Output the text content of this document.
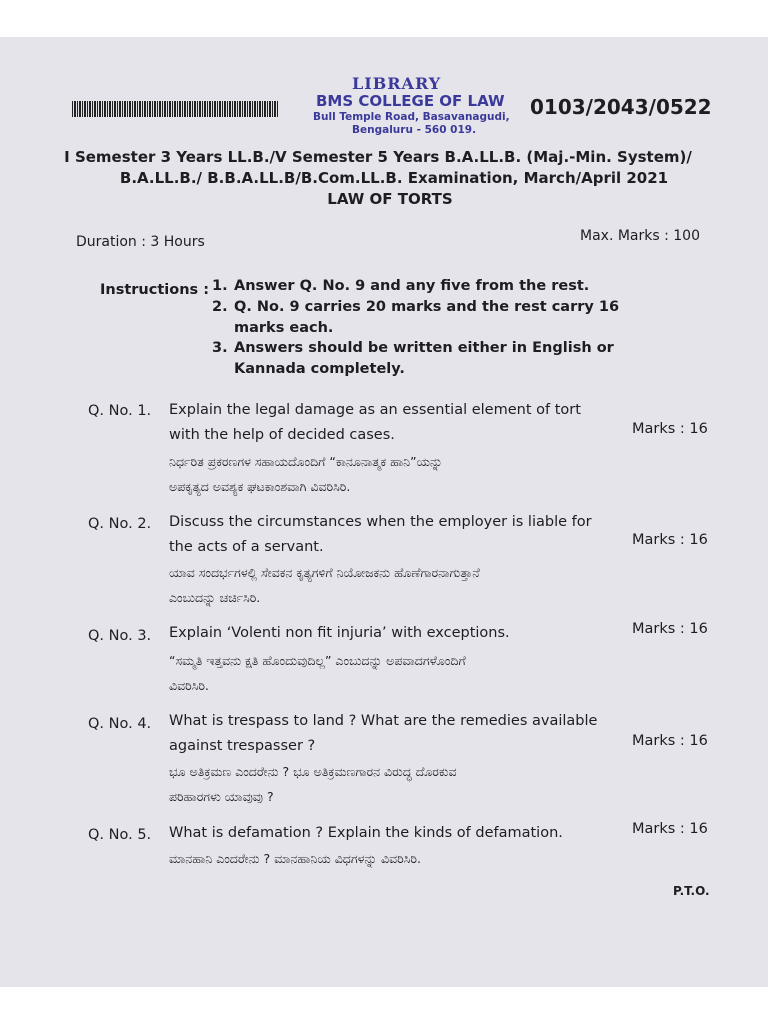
LIBRARY
BMS COLLEGE OF LAW
Bull Temple Road, Basavanagudi,
Bengaluru - 560 019.
0103/2043/0522
I Semester 3 Years LL.B./V Semester 5 Years B.A.LL.B. (Maj.-Min. System)/
B.A.LL.B./ B.B.A.LL.B/B.Com.LL.B. Examination, March/April 2021
LAW OF TORTS
Duration : 3 Hours	Max. Marks : 100
Instructions : 1. Answer Q. No. 9 and any five from the rest.
2. Q. No. 9 carries 20 marks and the rest carry 16
marks each.
3. Answers should be written either in English or
Kannada completely.
Q. No. 1. Explain the legal damage as an essential element of tort
with the help of decided cases.	Marks : 16
ನಿರ್ಧರಿತ ಪ್ರಕರಣಗಳ ಸಹಾಯದೊಂದಿಗೆ “ಕಾನೂನಾತ್ಮಕ ಹಾನಿ”ಯನ್ನು
ಅಪಕೃತ್ಯದ ಅವಶ್ಯಕ ಘಟಕಾಂಶವಾಗಿ ವಿವರಿಸಿರಿ.
Q. No. 2. Discuss the circumstances when the employer is liable for
the acts of a servant.	Marks : 16
ಯಾವ ಸಂದರ್ಭಗಳಲ್ಲಿ ಸೇವಕನ ಕೃತ್ಯಗಳಿಗೆ ನಿಯೋಜಕನು ಹೊಣೆಗಾರನಾಗುತ್ತಾನೆ
ಎಂಬುದನ್ನು ಚರ್ಚಿಸಿರಿ.
Q. No. 3. Explain ‘Volenti non fit injuria’ with exceptions.	Marks : 16
“ಸಮ್ಮತಿ ಇತ್ತವನು ಕ್ಷತಿ ಹೊಂದುವುದಿಲ್ಲ” ಎಂಬುದನ್ನು ಅಪವಾದಗಳೊಂದಿಗೆ
ವಿವರಿಸಿರಿ.
Q. No. 4. What is trespass to land ? What are the remedies available
against trespasser ?	Marks : 16
ಭೂ ಅತಿಕ್ರಮಣ ಎಂದರೇನು ? ಭೂ ಅತಿಕ್ರಮಣಗಾರನ ವಿರುದ್ಧ ದೊರಕುವ
ಪರಿಹಾರಗಳು ಯಾವುವು ?
Q. No. 5. What is defamation ? Explain the kinds of defamation.	Marks : 16
ಮಾನಹಾನಿ ಎಂದರೇನು ? ಮಾನಹಾನಿಯ ವಿಧಗಳನ್ನು ವಿವರಿಸಿರಿ.
P.T.O.
